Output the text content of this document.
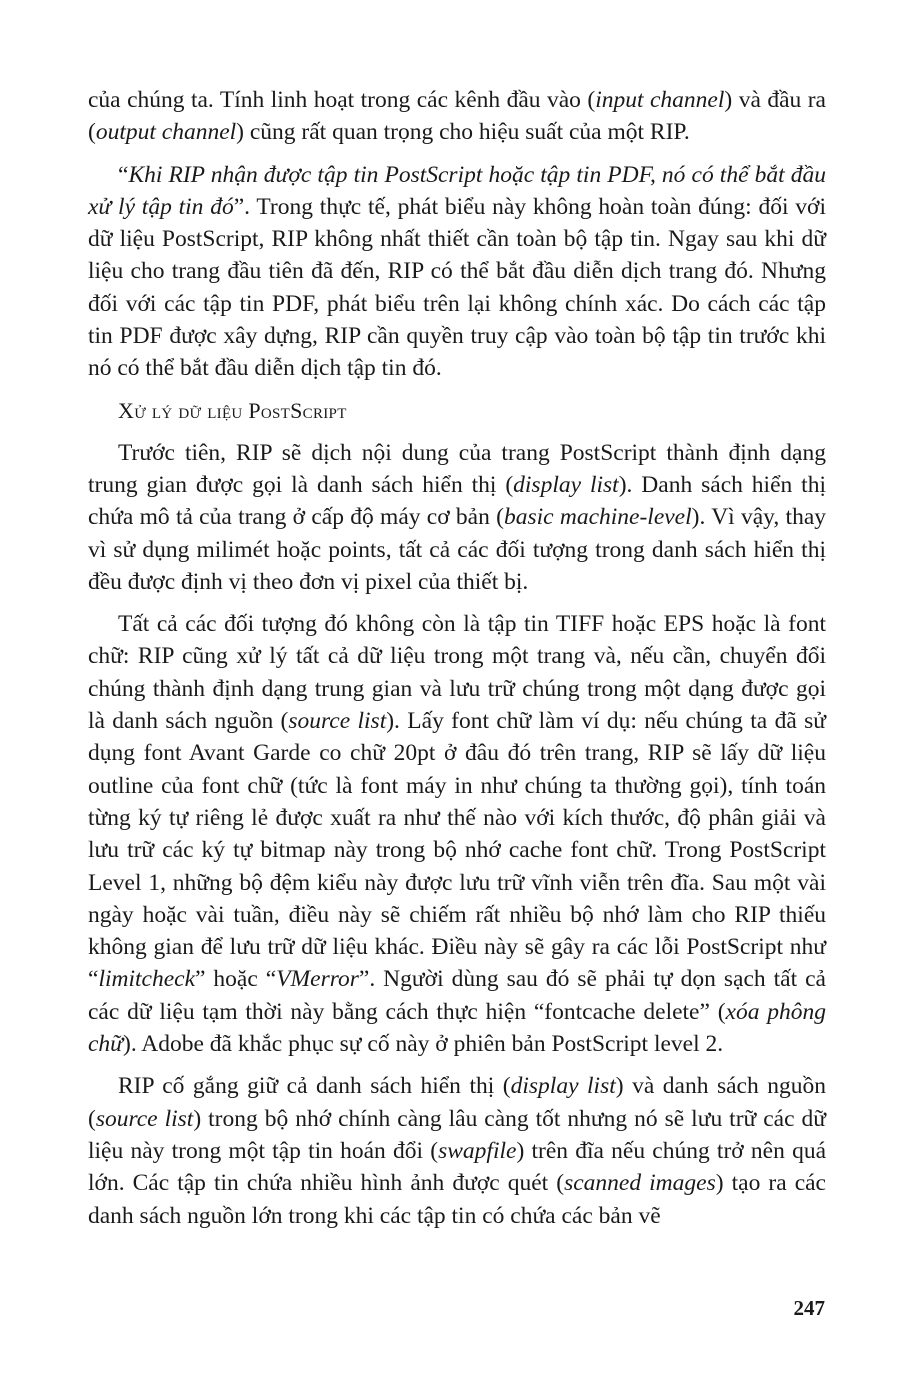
của chúng ta. Tính linh hoạt trong các kênh đầu vào (input channel) và đầu ra (output channel) cũng rất quan trọng cho hiệu suất của một RIP.

“Khi RIP nhận được tập tin PostScript hoặc tập tin PDF, nó có thể bắt đầu xử lý tập tin đó”. Trong thực tế, phát biểu này không hoàn toàn đúng: đối với dữ liệu PostScript, RIP không nhất thiết cần toàn bộ tập tin. Ngay sau khi dữ liệu cho trang đầu tiên đã đến, RIP có thể bắt đầu diễn dịch trang đó. Nhưng đối với các tập tin PDF, phát biểu trên lại không chính xác. Do cách các tập tin PDF được xây dựng, RIP cần quyền truy cập vào toàn bộ tập tin trước khi nó có thể bắt đầu diễn dịch tập tin đó.

Xử lý dữ liệu PostScript

Trước tiên, RIP sẽ dịch nội dung của trang PostScript thành định dạng trung gian được gọi là danh sách hiển thị (display list). Danh sách hiển thị chứa mô tả của trang ở cấp độ máy cơ bản (basic machine-level). Vì vậy, thay vì sử dụng milimét hoặc points, tất cả các đối tượng trong danh sách hiển thị đều được định vị theo đơn vị pixel của thiết bị.

Tất cả các đối tượng đó không còn là tập tin TIFF hoặc EPS hoặc là font chữ: RIP cũng xử lý tất cả dữ liệu trong một trang và, nếu cần, chuyển đổi chúng thành định dạng trung gian và lưu trữ chúng trong một dạng được gọi là danh sách nguồn (source list). Lấy font chữ làm ví dụ: nếu chúng ta đã sử dụng font Avant Garde co chữ 20pt ở đâu đó trên trang, RIP sẽ lấy dữ liệu outline của font chữ (tức là font máy in như chúng ta thường gọi), tính toán từng ký tự riêng lẻ được xuất ra như thế nào với kích thước, độ phân giải và lưu trữ các ký tự bitmap này trong bộ nhớ cache font chữ. Trong PostScript Level 1, những bộ đệm kiểu này được lưu trữ vĩnh viễn trên đĩa. Sau một vài ngày hoặc vài tuần, điều này sẽ chiếm rất nhiều bộ nhớ làm cho RIP thiếu không gian để lưu trữ dữ liệu khác. Điều này sẽ gây ra các lỗi PostScript như “limitcheck” hoặc “VMerror”. Người dùng sau đó sẽ phải tự dọn sạch tất cả các dữ liệu tạm thời này bằng cách thực hiện “fontcache delete” (xóa phông chữ). Adobe đã khắc phục sự cố này ở phiên bản PostScript level 2.

RIP cố gắng giữ cả danh sách hiển thị (display list) và danh sách nguồn (source list) trong bộ nhớ chính càng lâu càng tốt nhưng nó sẽ lưu trữ các dữ liệu này trong một tập tin hoán đổi (swapfile) trên đĩa nếu chúng trở nên quá lớn. Các tập tin chứa nhiều hình ảnh được quét (scanned images) tạo ra các danh sách nguồn lớn trong khi các tập tin có chứa các bản vẽ

247
